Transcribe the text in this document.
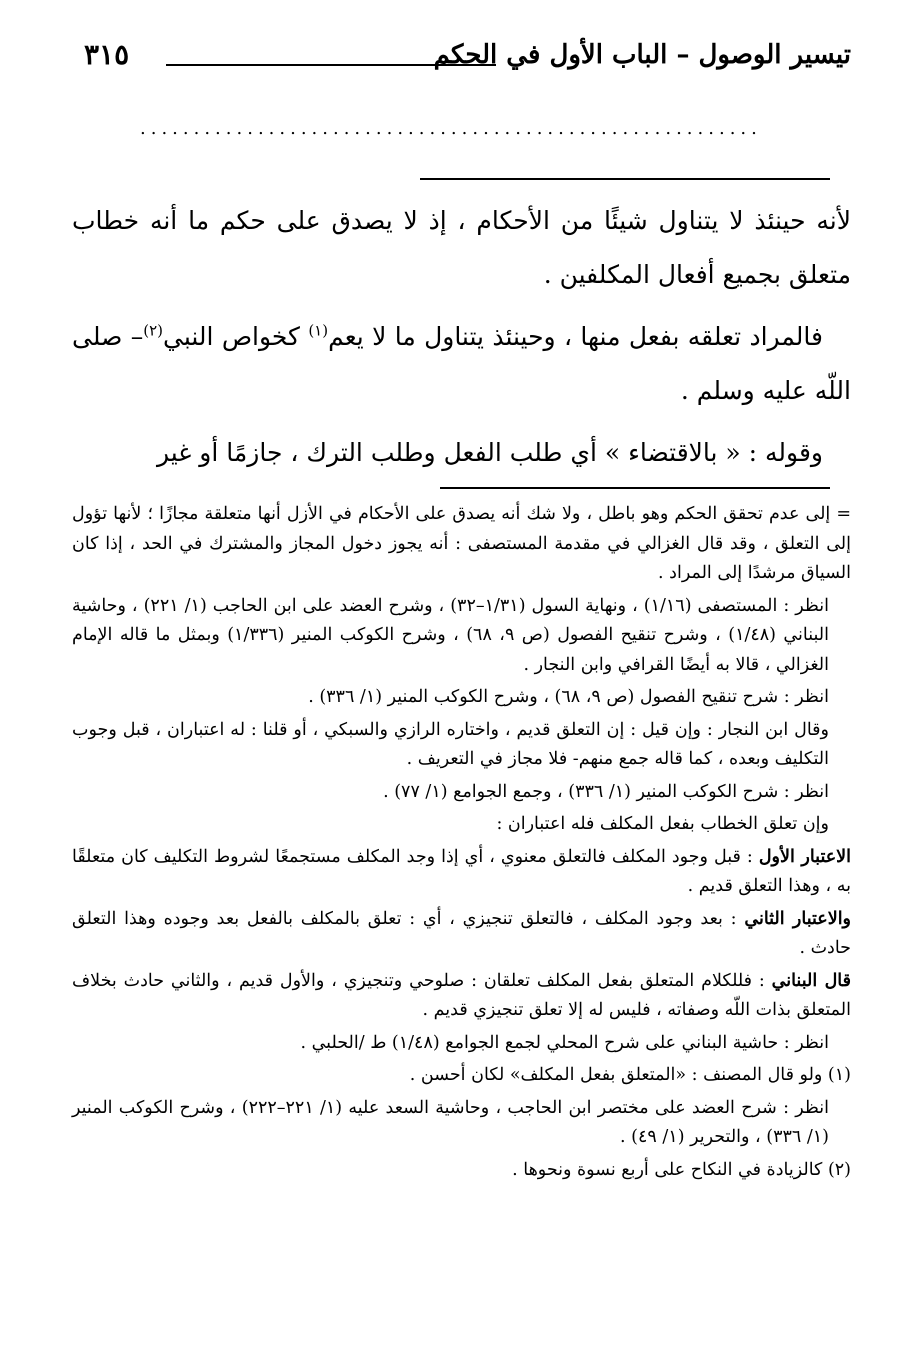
تيسير الوصول – الباب الأول في الحكم
٣١٥
..........................................................

لأنه حينئذ لا يتناول شيئًا من الأحكام ، إذ لا يصدق على حكم ما أنه خطاب متعلق بجميع أفعال المكلفين .

فالمراد تعلقه بفعل منها ، وحينئذ يتناول ما لا يعم$^{(١)}$ كخواص النبي$^{(٢)}$– صلى اللّه عليه وسلم .

وقوله : « بالاقتضاء » أي طلب الفعل وطلب الترك ، جازمًا أو غير

= إلى عدم تحقق الحكم وهو باطل ، ولا شك أنه يصدق على الأحكام في الأزل أنها متعلقة مجازًا ؛ لأنها تؤول إلى التعلق ، وقد قال الغزالي في مقدمة المستصفى : أنه يجوز دخول المجاز والمشترك في الحد ، إذا كان السياق مرشدًا إلى المراد .

انظر : المستصفى (١/١٦) ، ونهاية السول (١/٣١–٣٢) ، وشرح العضد على ابن الحاجب (١/ ٢٢١) ، وحاشية البناني (١/٤٨) ، وشرح تنقيح الفصول (ص ٩، ٦٨) ، وشرح الكوكب المنير (١/٣٣٦) وبمثل ما قاله الإمام الغزالي ، قالا به أيضًا القرافي وابن النجار .

انظر : شرح تنقيح الفصول (ص ٩، ٦٨) ، وشرح الكوكب المنير (١/ ٣٣٦) .

وقال ابن النجار : وإن قيل : إن التعلق قديم ، واختاره الرازي والسبكي ، أو قلنا : له اعتباران ، قبل وجوب التكليف وبعده ، كما قاله جمع منهم- فلا مجاز في التعريف .

انظر : شرح الكوكب المنير (١/ ٣٣٦) ، وجمع الجوامع (١/ ٧٧) .

وإن تعلق الخطاب بفعل المكلف فله اعتباران :

الاعتبار الأول : قبل وجود المكلف فالتعلق معنوي ، أي إذا وجد المكلف مستجمعًا لشروط التكليف كان متعلقًا به ، وهذا التعلق قديم .

والاعتبار الثاني : بعد وجود المكلف ، فالتعلق تنجيزي ، أي : تعلق بالمكلف بالفعل بعد وجوده وهذا التعلق حادث .

قال البناني : فللكلام المتعلق بفعل المكلف تعلقان : صلوحي وتنجيزي ، والأول قديم ، والثاني حادث بخلاف المتعلق بذات اللّه وصفاته ، فليس له إلا تعلق تنجيزي قديم .

انظر : حاشية البناني على شرح المحلي لجمع الجوامع (١/٤٨) ط /الحلبي .

(١) ولو قال المصنف : «المتعلق بفعل المكلف» لكان أحسن .

انظر : شرح العضد على مختصر ابن الحاجب ، وحاشية السعد عليه (١/ ٢٢١–٢٢٢) ، وشرح الكوكب المنير (١/ ٣٣٦) ، والتحرير (١/ ٤٩) .

(٢) كالزيادة في النكاح على أربع نسوة ونحوها .
